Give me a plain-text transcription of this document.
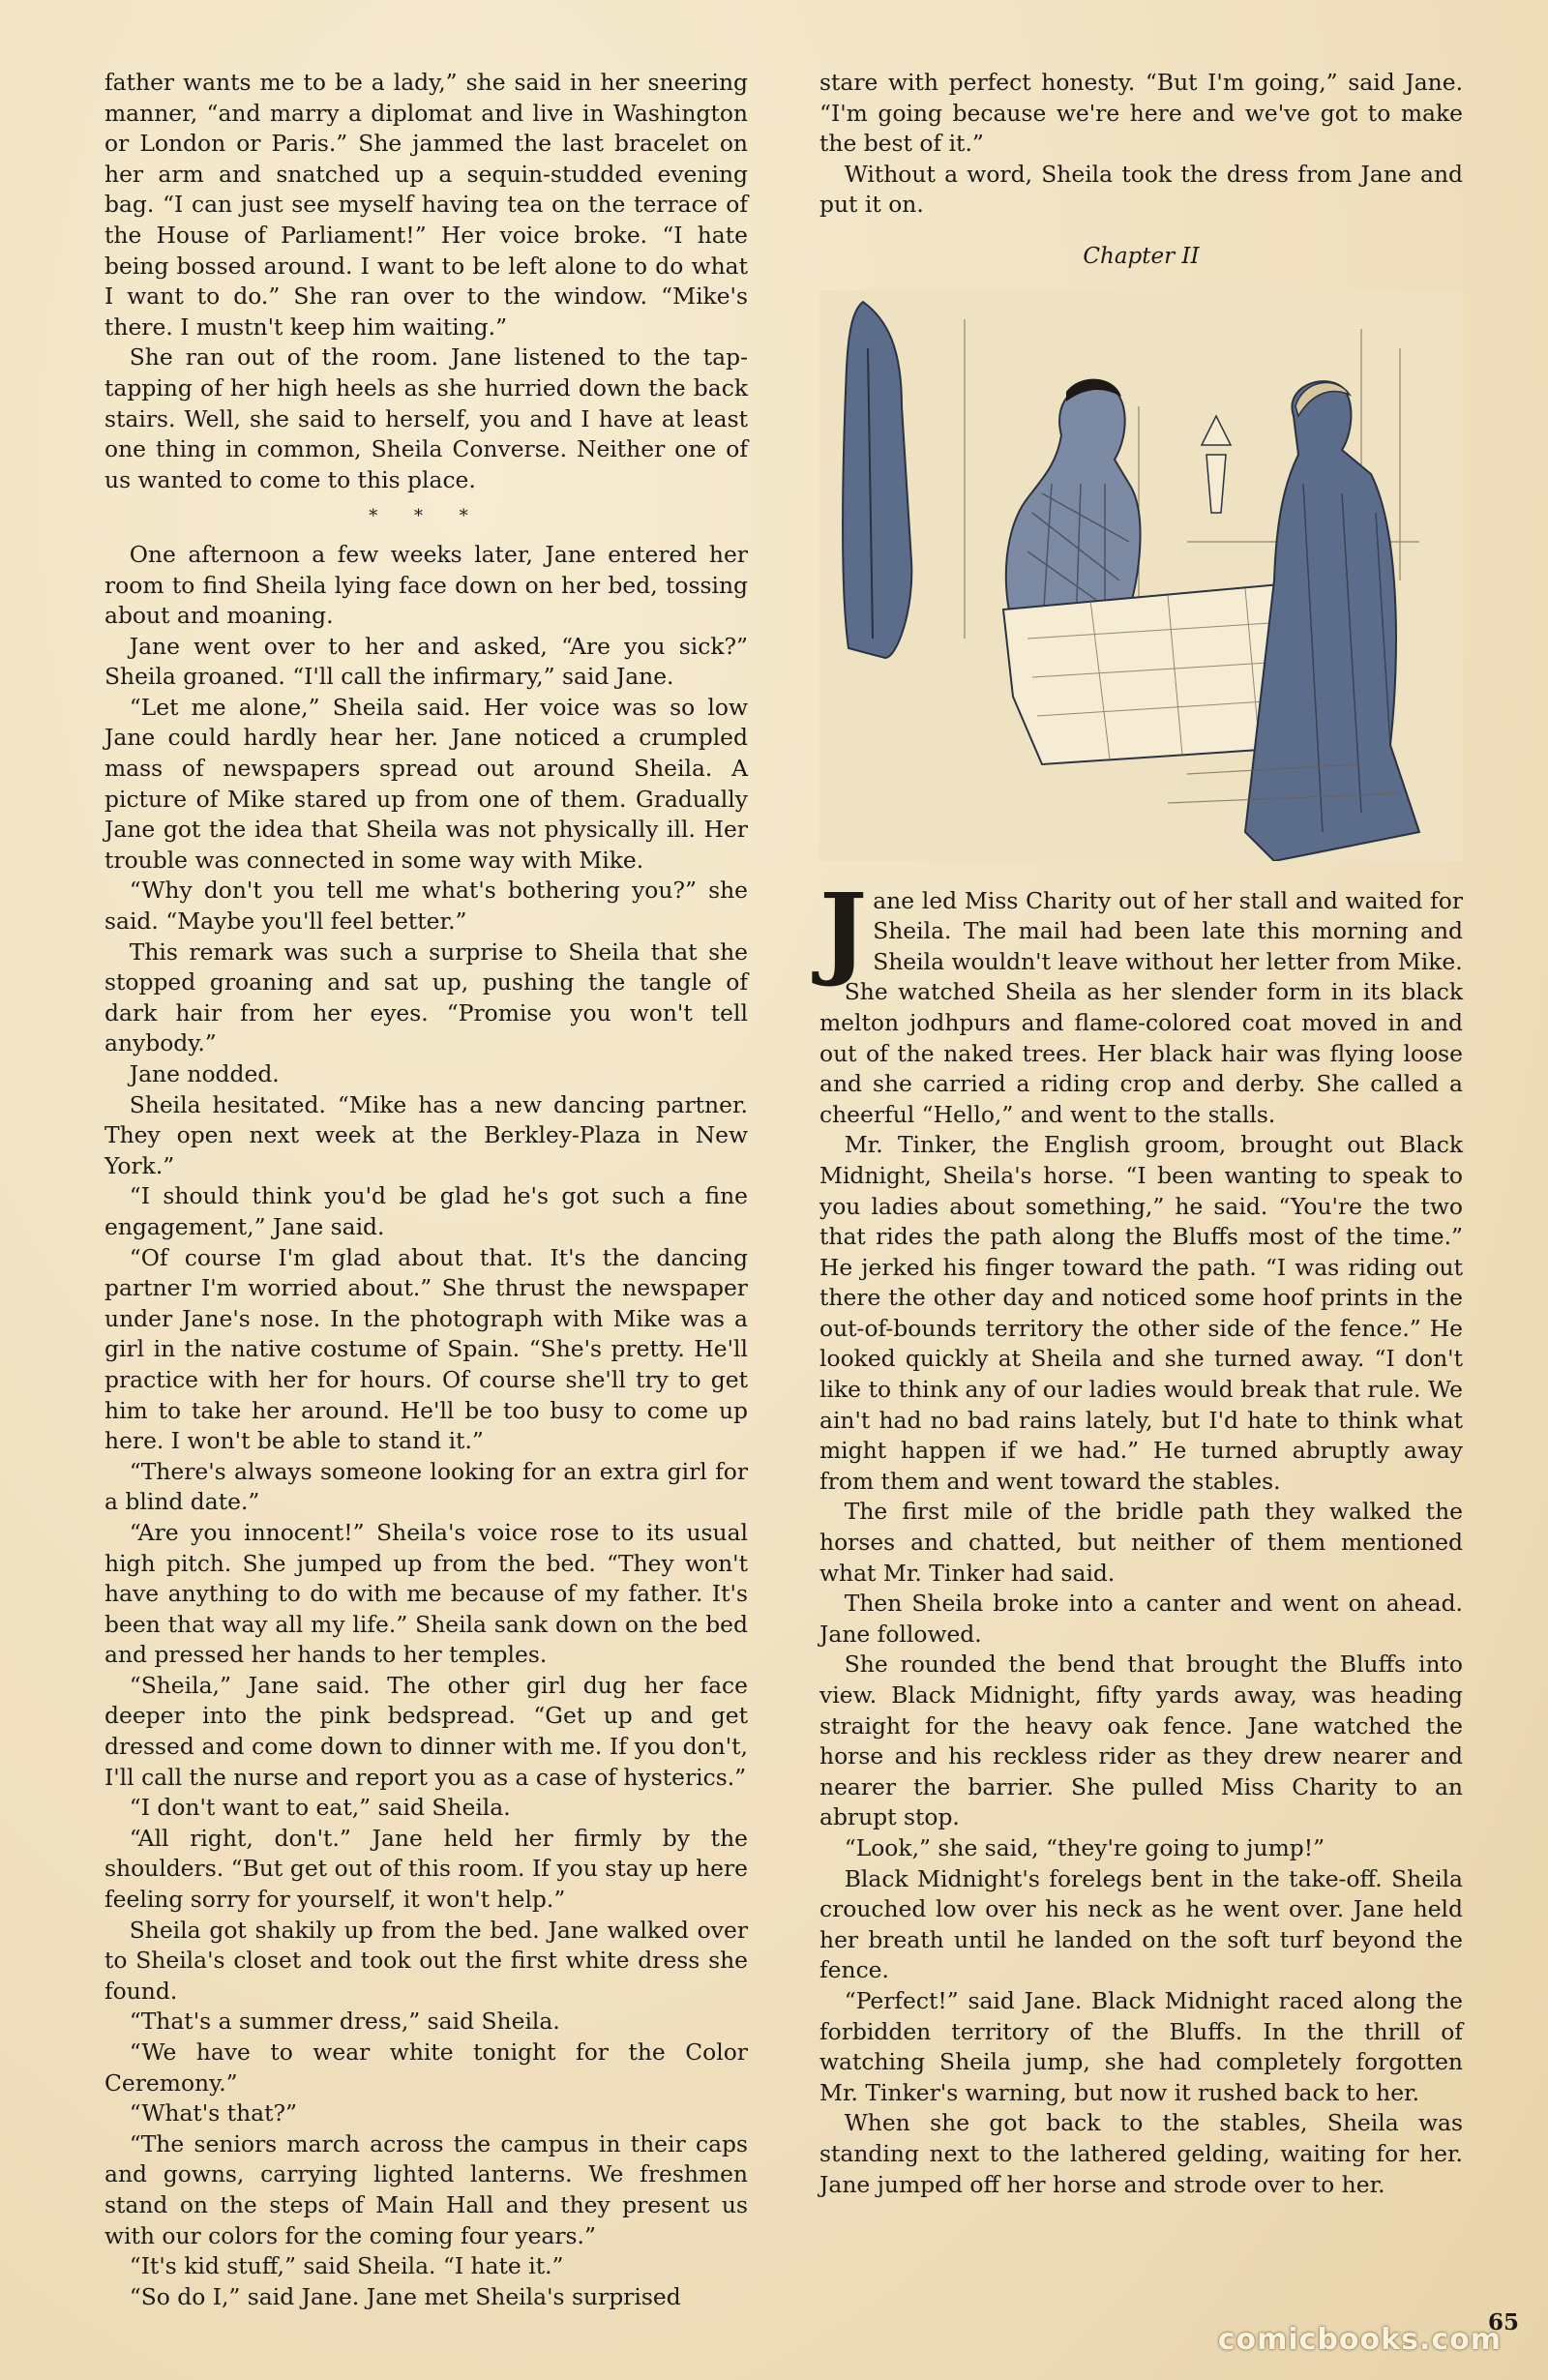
father wants me to be a lady,” she said in her sneering manner, “and marry a diplomat and live in Washington or London or Paris.” She jammed the last bracelet on her arm and snatched up a sequin-studded evening bag. “I can just see myself having tea on the terrace of the House of Parliament!” Her voice broke. “I hate being bossed around. I want to be left alone to do what I want to do.” She ran over to the window. “Mike's there. I mustn't keep him waiting.”

She ran out of the room. Jane listened to the tap-tapping of her high heels as she hurried down the back stairs. Well, she said to herself, you and I have at least one thing in common, Sheila Converse. Neither one of us wanted to come to this place.

* * *

One afternoon a few weeks later, Jane entered her room to find Sheila lying face down on her bed, tossing about and moaning.

Jane went over to her and asked, “Are you sick?” Sheila groaned. “I'll call the infirmary,” said Jane.

“Let me alone,” Sheila said. Her voice was so low Jane could hardly hear her. Jane noticed a crumpled mass of newspapers spread out around Sheila. A picture of Mike stared up from one of them. Gradually Jane got the idea that Sheila was not physically ill. Her trouble was connected in some way with Mike.

“Why don't you tell me what's bothering you?” she said. “Maybe you'll feel better.”

This remark was such a surprise to Sheila that she stopped groaning and sat up, pushing the tangle of dark hair from her eyes. “Promise you won't tell anybody.”

Jane nodded.

Sheila hesitated. “Mike has a new dancing partner. They open next week at the Berkley-Plaza in New York.”

“I should think you'd be glad he's got such a fine engagement,” Jane said.

“Of course I'm glad about that. It's the dancing partner I'm worried about.” She thrust the newspaper under Jane's nose. In the photograph with Mike was a girl in the native costume of Spain. “She's pretty. He'll practice with her for hours. Of course she'll try to get him to take her around. He'll be too busy to come up here. I won't be able to stand it.”

“There's always someone looking for an extra girl for a blind date.”

“Are you innocent!” Sheila's voice rose to its usual high pitch. She jumped up from the bed. “They won't have anything to do with me because of my father. It's been that way all my life.” Sheila sank down on the bed and pressed her hands to her temples.

“Sheila,” Jane said. The other girl dug her face deeper into the pink bedspread. “Get up and get dressed and come down to dinner with me. If you don't, I'll call the nurse and report you as a case of hysterics.”

“I don't want to eat,” said Sheila.

“All right, don't.” Jane held her firmly by the shoulders. “But get out of this room. If you stay up here feeling sorry for yourself, it won't help.”

Sheila got shakily up from the bed. Jane walked over to Sheila's closet and took out the first white dress she found.

“That's a summer dress,” said Sheila.

“We have to wear white tonight for the Color Ceremony.”

“What's that?”

“The seniors march across the campus in their caps and gowns, carrying lighted lanterns. We freshmen stand on the steps of Main Hall and they present us with our colors for the coming four years.”

“It's kid stuff,” said Sheila. “I hate it.”

“So do I,” said Jane. Jane met Sheila's surprised

stare with perfect honesty. “But I'm going,” said Jane. “I'm going because we're here and we've got to make the best of it.”

Without a word, Sheila took the dress from Jane and put it on.

Chapter II
J ane led Miss Charity out of her stall and waited for Sheila. The mail had been late this morning and Sheila wouldn't leave without her letter from Mike.

She watched Sheila as her slender form in its black melton jodhpurs and flame-colored coat moved in and out of the naked trees. Her black hair was flying loose and she carried a riding crop and derby. She called a cheerful “Hello,” and went to the stalls.

Mr. Tinker, the English groom, brought out Black Midnight, Sheila's horse. “I been wanting to speak to you ladies about something,” he said. “You're the two that rides the path along the Bluffs most of the time.” He jerked his finger toward the path. “I was riding out there the other day and noticed some hoof prints in the out-of-bounds territory the other side of the fence.” He looked quickly at Sheila and she turned away. “I don't like to think any of our ladies would break that rule. We ain't had no bad rains lately, but I'd hate to think what might happen if we had.” He turned abruptly away from them and went toward the stables.

The first mile of the bridle path they walked the horses and chatted, but neither of them mentioned what Mr. Tinker had said.

Then Sheila broke into a canter and went on ahead. Jane followed.

She rounded the bend that brought the Bluffs into view. Black Midnight, fifty yards away, was heading straight for the heavy oak fence. Jane watched the horse and his reckless rider as they drew nearer and nearer the barrier. She pulled Miss Charity to an abrupt stop.

“Look,” she said, “they're going to jump!”

Black Midnight's forelegs bent in the take-off. Sheila crouched low over his neck as he went over. Jane held her breath until he landed on the soft turf beyond the fence.

“Perfect!” said Jane. Black Midnight raced along the forbidden territory of the Bluffs. In the thrill of watching Sheila jump, she had completely forgotten Mr. Tinker's warning, but now it rushed back to her.

When she got back to the stables, Sheila was standing next to the lathered gelding, waiting for her. Jane jumped off her horse and strode over to her.

65
comicbooks.com
